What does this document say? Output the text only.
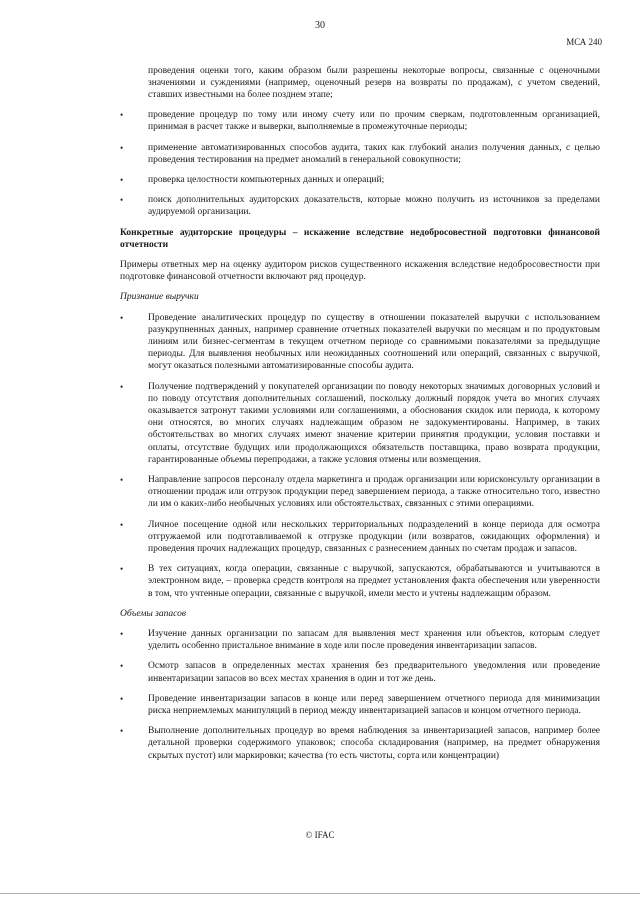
30
МСА 240

проведения оценки того, каким образом были разрешены некоторые вопросы, связанные с оценочными значениями и суждениями (например, оценочный резерв на возвраты по продажам), с учетом сведений, ставших известными на более позднем этапе;

•	проведение процедур по тому или иному счету или по прочим сверкам, подготовленным организацией, принимая в расчет также и выверки, выполняемые в промежуточные периоды;
•	применение автоматизированных способов аудита, таких как глубокий анализ получения данных, с целью проведения тестирования на предмет аномалий в генеральной совокупности;
•	проверка целостности компьютерных данных и операций;
•	поиск дополнительных аудиторских доказательств, которые можно получить из источников за пределами аудируемой организации.
Конкретные аудиторские процедуры – искажение вследствие недобросовестной подготовки финансовой отчетности

Примеры ответных мер на оценку аудитором рисков существенного искажения вследствие недобросовестности при подготовке финансовой отчетности включают ряд процедур.

Признание выручки
•	Проведение аналитических процедур по существу в отношении показателей выручки с использованием разукрупненных данных, например сравнение отчетных показателей выручки по месяцам и по продуктовым линиям или бизнес-сегментам в текущем отчетном периоде со сравнимыми показателями за предыдущие периоды. Для выявления необычных или неожиданных соотношений или операций, связанных с выручкой, могут оказаться полезными автоматизированные способы аудита.
•	Получение подтверждений у покупателей организации по поводу некоторых значимых договорных условий и по поводу отсутствия дополнительных соглашений, поскольку должный порядок учета во многих случаях оказывается затронут такими условиями или соглашениями, а обоснования скидок или периода, к которому они относятся, во многих случаях надлежащим образом не задокументированы. Например, в таких обстоятельствах во многих случаях имеют значение критерии принятия продукции, условия поставки и оплаты, отсутствие будущих или продолжающихся обязательств поставщика, право возврата продукции, гарантированные объемы перепродажи, а также условия отмены или возмещения.
•	Направление запросов персоналу отдела маркетинга и продаж организации или юрисконсульту организации в отношении продаж или отгрузок продукции перед завершением периода, а также относительно того, известно ли им о каких-либо необычных условиях или обстоятельствах, связанных с этими операциями.
•	Личное посещение одной или нескольких территориальных подразделений в конце периода для осмотра отгружаемой или подготавливаемой к отгрузке продукции (или возвратов, ожидающих оформления) и проведения прочих надлежащих процедур, связанных с разнесением данных по счетам продаж и запасов.
•	В тех ситуациях, когда операции, связанные с выручкой, запускаются, обрабатываются и учитываются в электронном виде, – проверка средств контроля на предмет установления факта обеспечения или уверенности в том, что учтенные операции, связанные с выручкой, имели место и учтены надлежащим образом.
Объемы запасов
•	Изучение данных организации по запасам для выявления мест хранения или объектов, которым следует уделить особенно пристальное внимание в ходе или после проведения инвентаризации запасов.
•	Осмотр запасов в определенных местах хранения без предварительного уведомления или проведение инвентаризации запасов во всех местах хранения в один и тот же день.
•	Проведение инвентаризации запасов в конце или перед завершением отчетного периода для минимизации риска неприемлемых манипуляций в период между инвентаризацией запасов и концом отчетного периода.
•	Выполнение дополнительных процедур во время наблюдения за инвентаризацией запасов, например более детальной проверки содержимого упаковок; способа складирования (например, на предмет обнаружения скрытых пустот) или маркировки; качества (то есть чистоты, сорта или концентрации)
© IFAC
